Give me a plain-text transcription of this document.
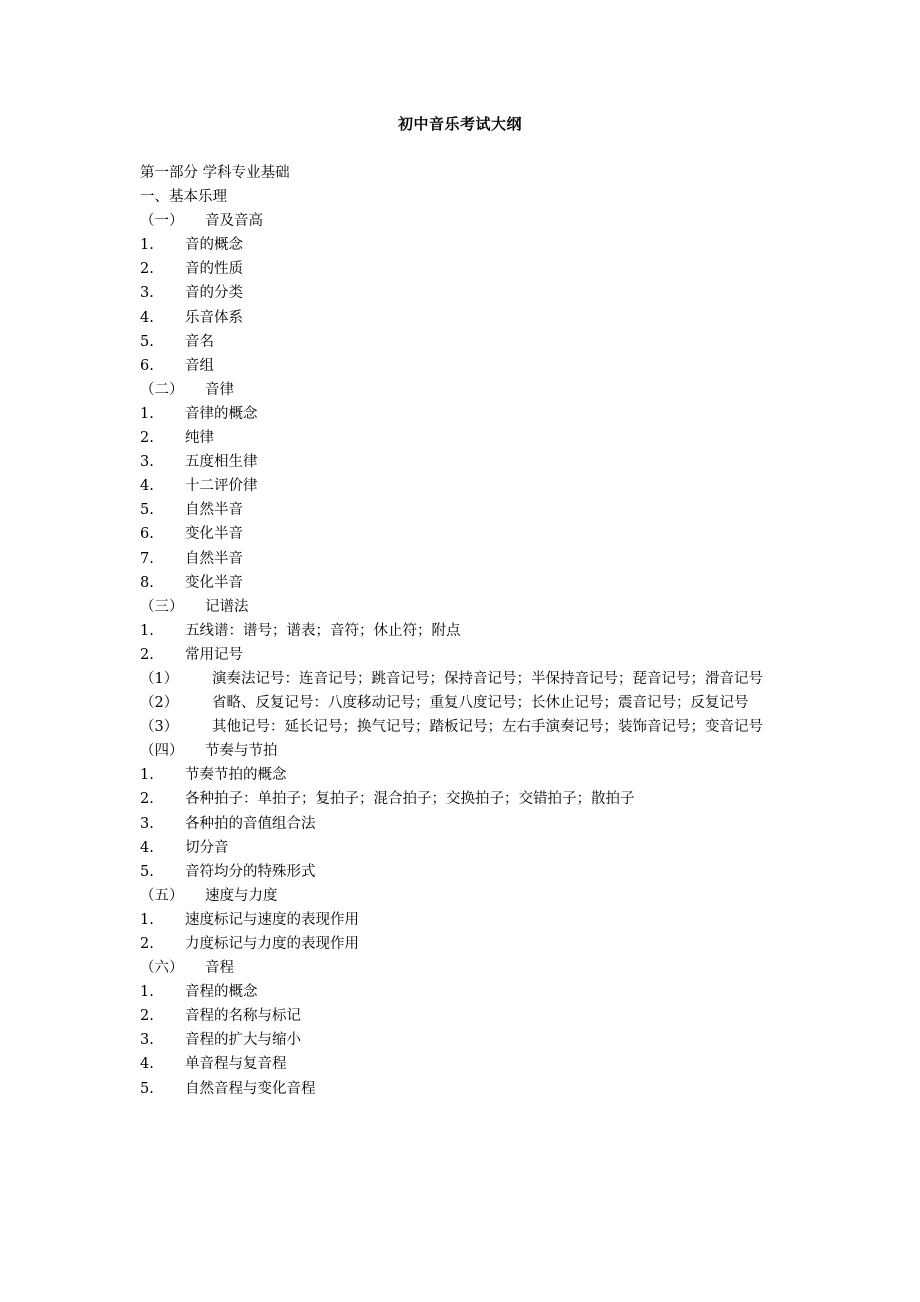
初中音乐考试大纲
第一部分 学科专业基础
一、基本乐理
（一） 音及音高
1. 音的概念
2. 音的性质
3. 音的分类
4. 乐音体系
5. 音名
6. 音组
（二） 音律
1. 音律的概念
2. 纯律
3. 五度相生律
4. 十二评价律
5. 自然半音
6. 变化半音
7. 自然半音
8. 变化半音
（三） 记谱法
1. 五线谱：谱号；谱表；音符；休止符；附点
2. 常用记号
（1） 演奏法记号：连音记号；跳音记号；保持音记号；半保持音记号；琵音记号；滑音记号
（2） 省略、反复记号：八度移动记号；重复八度记号；长休止记号；震音记号；反复记号
（3） 其他记号：延长记号；换气记号；踏板记号；左右手演奏记号；装饰音记号；变音记号
（四） 节奏与节拍
1. 节奏节拍的概念
2. 各种拍子：单拍子；复拍子；混合拍子；交换拍子；交错拍子；散拍子
3. 各种拍的音值组合法
4. 切分音
5. 音符均分的特殊形式
（五） 速度与力度
1. 速度标记与速度的表现作用
2. 力度标记与力度的表现作用
（六） 音程
1. 音程的概念
2. 音程的名称与标记
3. 音程的扩大与缩小
4. 单音程与复音程
5. 自然音程与变化音程
